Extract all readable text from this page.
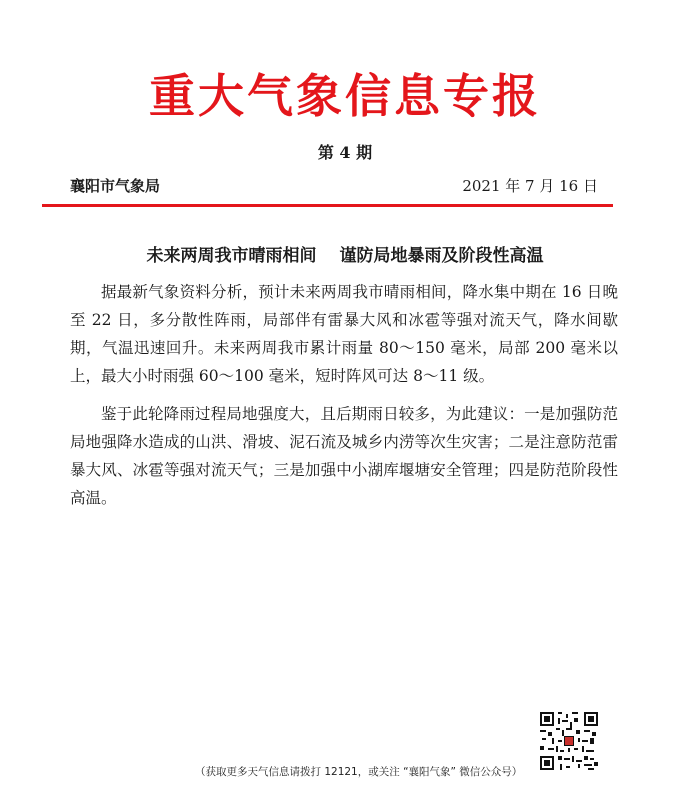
重大气象信息专报
第 4 期
襄阳市气象局	2021 年 7 月 16 日
未来两周我市晴雨相间　 谨防局地暴雨及阶段性高温

据最新气象资料分析，预计未来两周我市晴雨相间，降水集中期在 16 日晚至 22 日，多分散性阵雨，局部伴有雷暴大风和冰雹等强对流天气，降水间歇期，气温迅速回升。未来两周我市累计雨量 80～150 毫米，局部 200 毫米以上，最大小时雨强 60～100 毫米，短时阵风可达 8～11 级。

鉴于此轮降雨过程局地强度大，且后期雨日较多，为此建议：一是加强防范局地强降水造成的山洪、滑坡、泥石流及城乡内涝等次生灾害；二是注意防范雷暴大风、冰雹等强对流天气；三是加强中小湖库堰塘安全管理；四是防范阶段性高温。

（获取更多天气信息请拨打 12121，或关注 “襄阳气象” 微信公众号）
